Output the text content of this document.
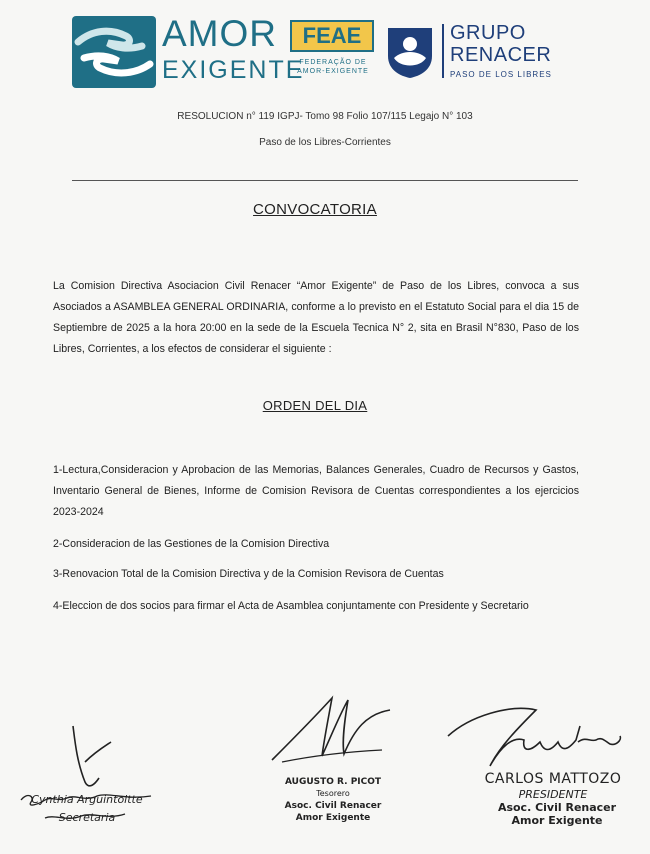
AMOR
EXIGENTE
FEAE
FEDERAÇÃO DE AMOR-EXIGENTE
GRUPO
RENACER
PASO DE LOS LIBRES
RESOLUCION n° 119 IGPJ- Tomo 98 Folio 107/115 Legajo N° 103
Paso de los Libres-Corrientes
CONVOCATORIA
La Comision Directiva Asociacion Civil Renacer “Amor Exigente” de Paso de los Libres, convoca a sus Asociados a ASAMBLEA GENERAL ORDINARIA, conforme a lo previsto en el Estatuto Social para el dia 15 de Septiembre de 2025 a la hora 20:00 en la sede de la Escuela Tecnica N° 2, sita en Brasil N°830, Paso de los Libres, Corrientes, a los efectos de considerar el siguiente :
ORDEN DEL DIA
1-Lectura,Consideracion y Aprobacion de las Memorias, Balances Generales, Cuadro de Recursos y Gastos, Inventario General de Bienes, Informe de Comision Revisora de Cuentas correspondientes a los ejercicios 2023-2024
2-Consideracion de las Gestiones de la Comision Directiva
3-Renovacion Total de la Comision Directiva y de la Comision Revisora de Cuentas
4-Eleccion de dos socios para firmar el Acta de Asamblea conjuntamente con Presidente y Secretario
Cynthia Arguintoltte
Secretaria
AUGUSTO R. PICOT
Tesorero
Asoc. Civil Renacer
Amor Exigente
CARLOS MATTOZO
PRESIDENTE
Asoc. Civil Renacer
Amor Exigente
